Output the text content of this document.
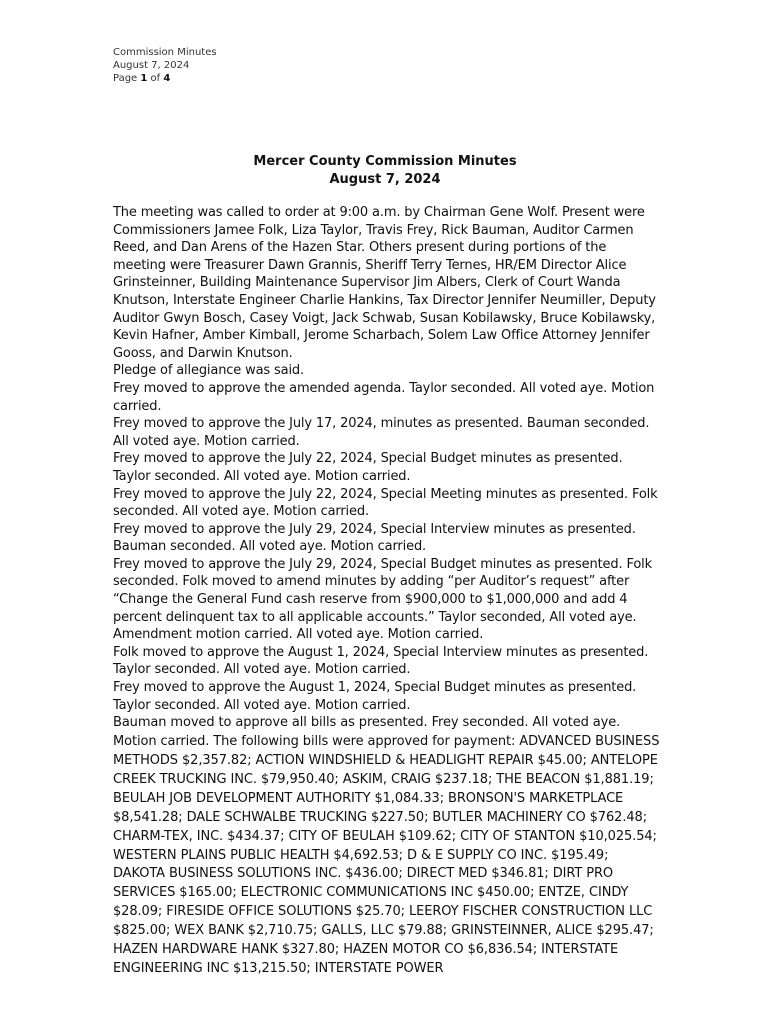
Commission Minutes
August 7, 2024
Page 1 of 4
Mercer County Commission Minutes
August 7, 2024

The meeting was called to order at 9:00 a.m. by Chairman Gene Wolf. Present were Commissioners Jamee Folk, Liza Taylor, Travis Frey, Rick Bauman, Auditor Carmen Reed, and Dan Arens of the Hazen Star. Others present during portions of the meeting were Treasurer Dawn Grannis, Sheriff Terry Ternes, HR/EM Director Alice Grinsteinner, Building Maintenance Supervisor Jim Albers, Clerk of Court Wanda Knutson, Interstate Engineer Charlie Hankins, Tax Director Jennifer Neumiller, Deputy Auditor Gwyn Bosch, Casey Voigt, Jack Schwab, Susan Kobilawsky, Bruce Kobilawsky, Kevin Hafner, Amber Kimball, Jerome Scharbach, Solem Law Office Attorney Jennifer Gooss, and Darwin Knutson.

Pledge of allegiance was said.

Frey moved to approve the amended agenda. Taylor seconded. All voted aye. Motion carried.

Frey moved to approve the July 17, 2024, minutes as presented. Bauman seconded. All voted aye. Motion carried.

Frey moved to approve the July 22, 2024, Special Budget minutes as presented. Taylor seconded. All voted aye. Motion carried.

Frey moved to approve the July 22, 2024, Special Meeting minutes as presented. Folk seconded. All voted aye. Motion carried.

Frey moved to approve the July 29, 2024, Special Interview minutes as presented. Bauman seconded. All voted aye. Motion carried.

Frey moved to approve the July 29, 2024, Special Budget minutes as presented. Folk seconded. Folk moved to amend minutes by adding “per Auditor’s request” after “Change the General Fund cash reserve from $900,000 to $1,000,000 and add 4 percent delinquent tax to all applicable accounts.” Taylor seconded, All voted aye. Amendment motion carried. All voted aye. Motion carried.

Folk moved to approve the August 1, 2024, Special Interview minutes as presented. Taylor seconded. All voted aye. Motion carried.

Frey moved to approve the August 1, 2024, Special Budget minutes as presented. Taylor seconded. All voted aye. Motion carried.

Bauman moved to approve all bills as presented. Frey seconded. All voted aye. Motion carried. The following bills were approved for payment: ADVANCED BUSINESS METHODS $2,357.82; ACTION WINDSHIELD & HEADLIGHT REPAIR $45.00; ANTELOPE CREEK TRUCKING INC. $79,950.40; ASKIM, CRAIG $237.18; THE BEACON $1,881.19; BEULAH JOB DEVELOPMENT AUTHORITY $1,084.33; BRONSON'S MARKETPLACE $8,541.28; DALE SCHWALBE TRUCKING $227.50; BUTLER MACHINERY CO $762.48; CHARM-TEX, INC. $434.37; CITY OF BEULAH $109.62; CITY OF STANTON $10,025.54; WESTERN PLAINS PUBLIC HEALTH $4,692.53; D & E SUPPLY CO INC. $195.49; DAKOTA BUSINESS SOLUTIONS INC. $436.00; DIRECT MED $346.81; DIRT PRO SERVICES $165.00; ELECTRONIC COMMUNICATIONS INC $450.00; ENTZE, CINDY $28.09; FIRESIDE OFFICE SOLUTIONS $25.70; LEEROY FISCHER CONSTRUCTION LLC $825.00; WEX BANK $2,710.75; GALLS, LLC $79.88; GRINSTEINNER, ALICE $295.47; HAZEN HARDWARE HANK $327.80; HAZEN MOTOR CO $6,836.54; INTERSTATE ENGINEERING INC $13,215.50; INTERSTATE POWER
